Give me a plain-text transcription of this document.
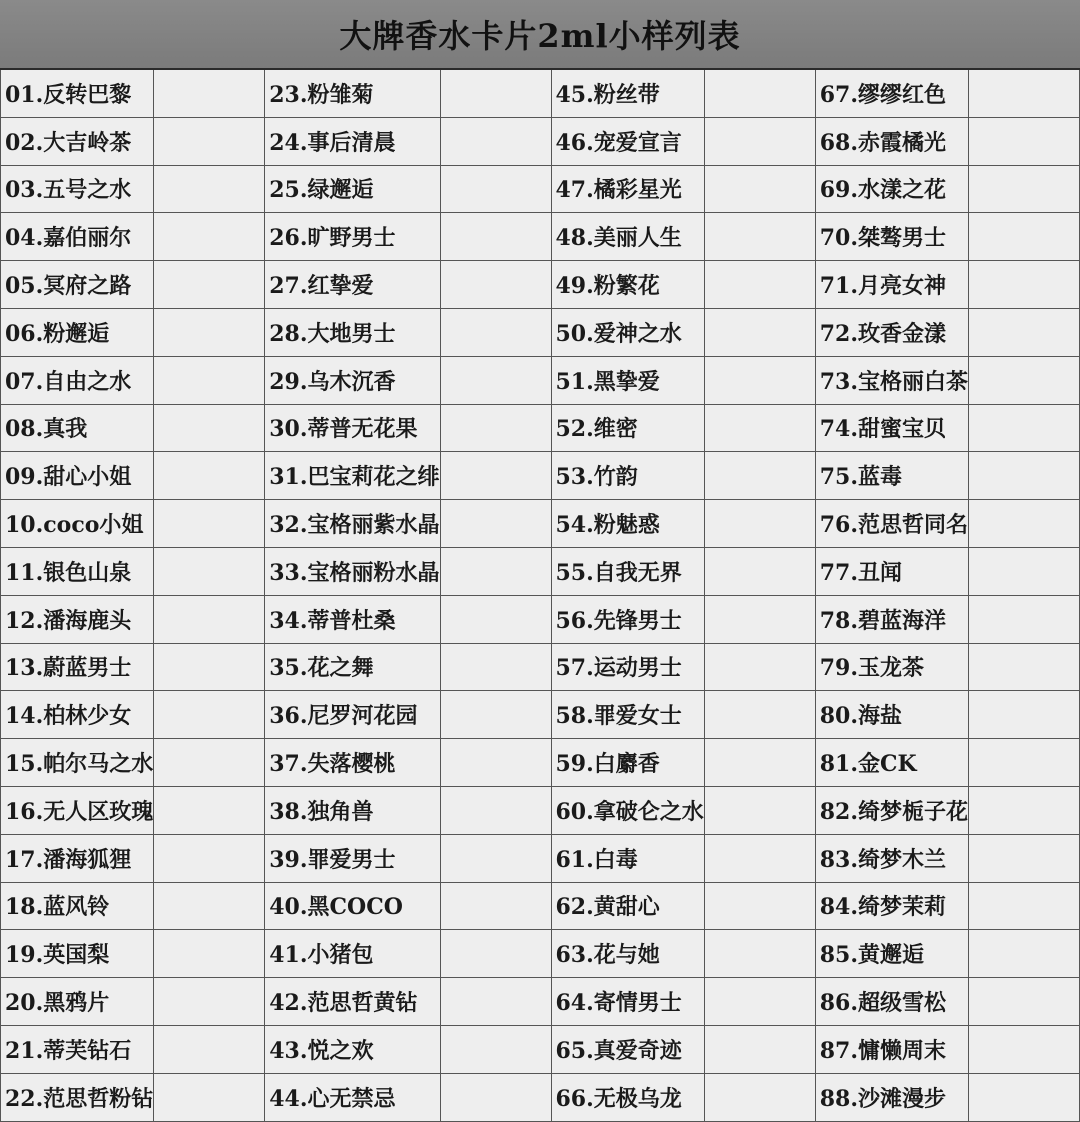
大牌香水卡片2ml小样列表
01.反转巴黎	23.粉雏菊	45.粉丝带	67.缪缪红色
02.大吉岭茶	24.事后清晨	46.宠爱宣言	68.赤霞橘光
03.五号之水	25.绿邂逅	47.橘彩星光	69.水漾之花
04.嘉伯丽尔	26.旷野男士	48.美丽人生	70.桀骜男士
05.冥府之路	27.红挚爱	49.粉繁花	71.月亮女神
06.粉邂逅	28.大地男士	50.爱神之水	72.玫香金漾
07.自由之水	29.乌木沉香	51.黑挚爱	73.宝格丽白茶
08.真我	30.蒂普无花果	52.维密	74.甜蜜宝贝
09.甜心小姐	31.巴宝莉花之绯	53.竹韵	75.蓝毒
10.coco小姐	32.宝格丽紫水晶	54.粉魅惑	76.范思哲同名
11.银色山泉	33.宝格丽粉水晶	55.自我无界	77.丑闻
12.潘海鹿头	34.蒂普杜桑	56.先锋男士	78.碧蓝海洋
13.蔚蓝男士	35.花之舞	57.运动男士	79.玉龙茶
14.柏林少女	36.尼罗河花园	58.罪爱女士	80.海盐
15.帕尔马之水	37.失落樱桃	59.白麝香	81.金CK
16.无人区玫瑰	38.独角兽	60.拿破仑之水	82.绮梦栀子花
17.潘海狐狸	39.罪爱男士	61.白毒	83.绮梦木兰
18.蓝风铃	40.黑COCO	62.黄甜心	84.绮梦茉莉
19.英国梨	41.小猪包	63.花与她	85.黄邂逅
20.黑鸦片	42.范思哲黄钻	64.寄情男士	86.超级雪松
21.蒂芙钻石	43.悦之欢	65.真爱奇迹	87.慵懒周末
22.范思哲粉钻	44.心无禁忌	66.无极乌龙	88.沙滩漫步
